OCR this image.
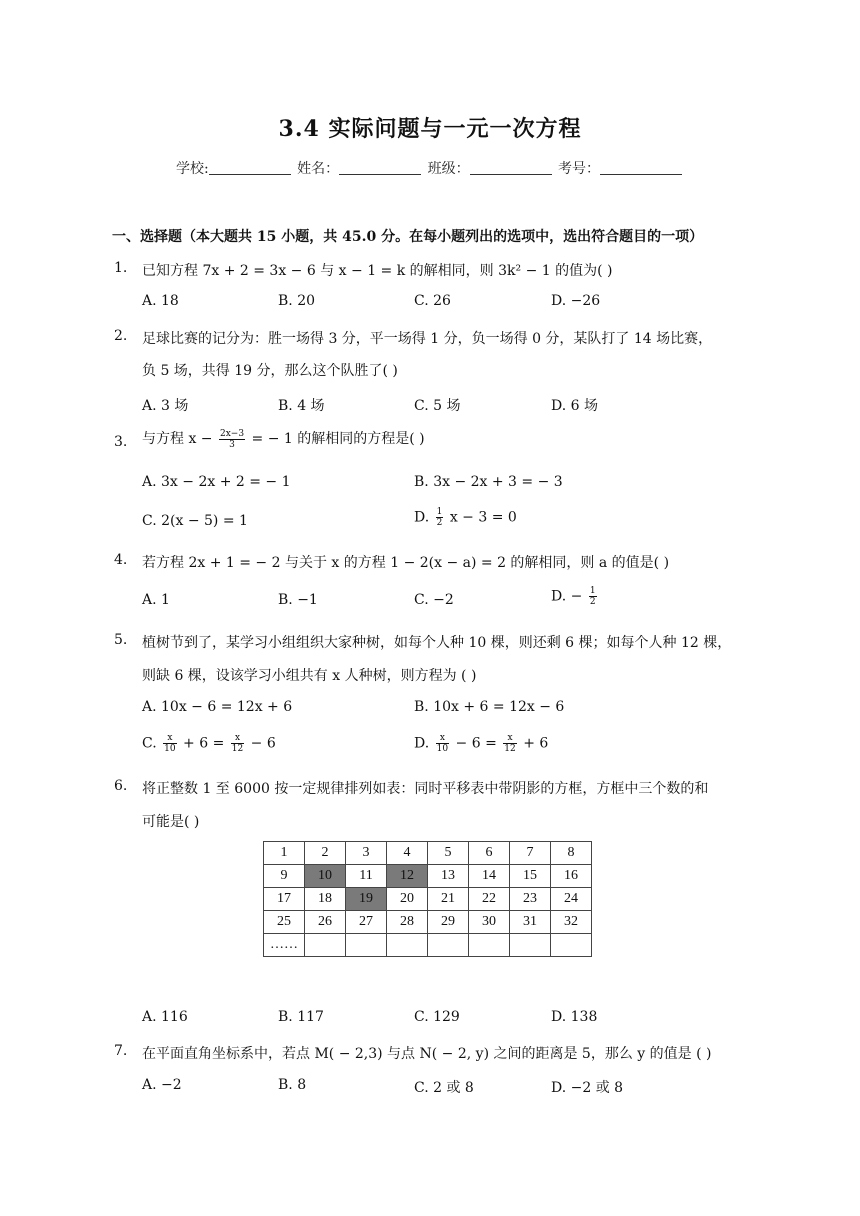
3.4 实际问题与一元一次方程
学校:	姓名：	班级：	考号：
一、选择题（本大题共 15 小题，共 45.0 分。在每小题列出的选项中，选出符合题目的一项）
1. 已知方程 7x + 2 = 3x − 6 与 x − 1 = k 的解相同，则 3k² − 1 的值为( )
A. 18	B. 20	C. 26	D. −26
2. 足球比赛的记分为：胜一场得 3 分，平一场得 1 分，负一场得 0 分，某队打了 14 场比赛，
负 5 场，共得 19 分，那么这个队胜了( )
A. 3 场	B. 4 场	C. 5 场	D. 6 场
3. 与方程 $x - \frac{2x-3}{3}$ = − 1 的解相同的方程是( )
A. 3x − 2x + 2 = − 1	B. 3x − 2x + 3 = − 3
C. 2(x − 5) = 1	D. $\frac{1}{2}$ x − 3 = 0
4. 若方程 2x + 1 = − 2 与关于 x 的方程 1 − 2(x − a) = 2 的解相同，则 a 的值是( )
A. 1	B. −1	C. −2	D. − $\frac{1}{2}$
5. 植树节到了，某学习小组组织大家种树，如每个人种 10 棵，则还剩 6 棵；如每个人种 12 棵，
则缺 6 棵，设该学习小组共有 x 人种树，则方程为 ( )
A. 10x − 6 = 12x + 6	B. 10x + 6 = 12x − 6
C. $\frac{x}{10} + 6 = \frac{x}{12} - 6$	D. $\frac{x}{10} - 6 = \frac{x}{12} + 6$
6. 将正整数 1 至 6000 按一定规律排列如表：同时平移表中带阴影的方框，方框中三个数的和
可能是( )
1	2	3	4	5	6	7	8
9	10	11	12	13	14	15	16
17	18	19	20	21	22	23	24
25	26	27	28	29	30	31	32
……							
A. 116	B. 117	C. 129	D. 138
7. 在平面直角坐标系中，若点 M( − 2,3) 与点 N( − 2, y) 之间的距离是 5，那么 y 的值是 ( )
A. −2	B. 8	C. 2 或 8	D. −2 或 8
